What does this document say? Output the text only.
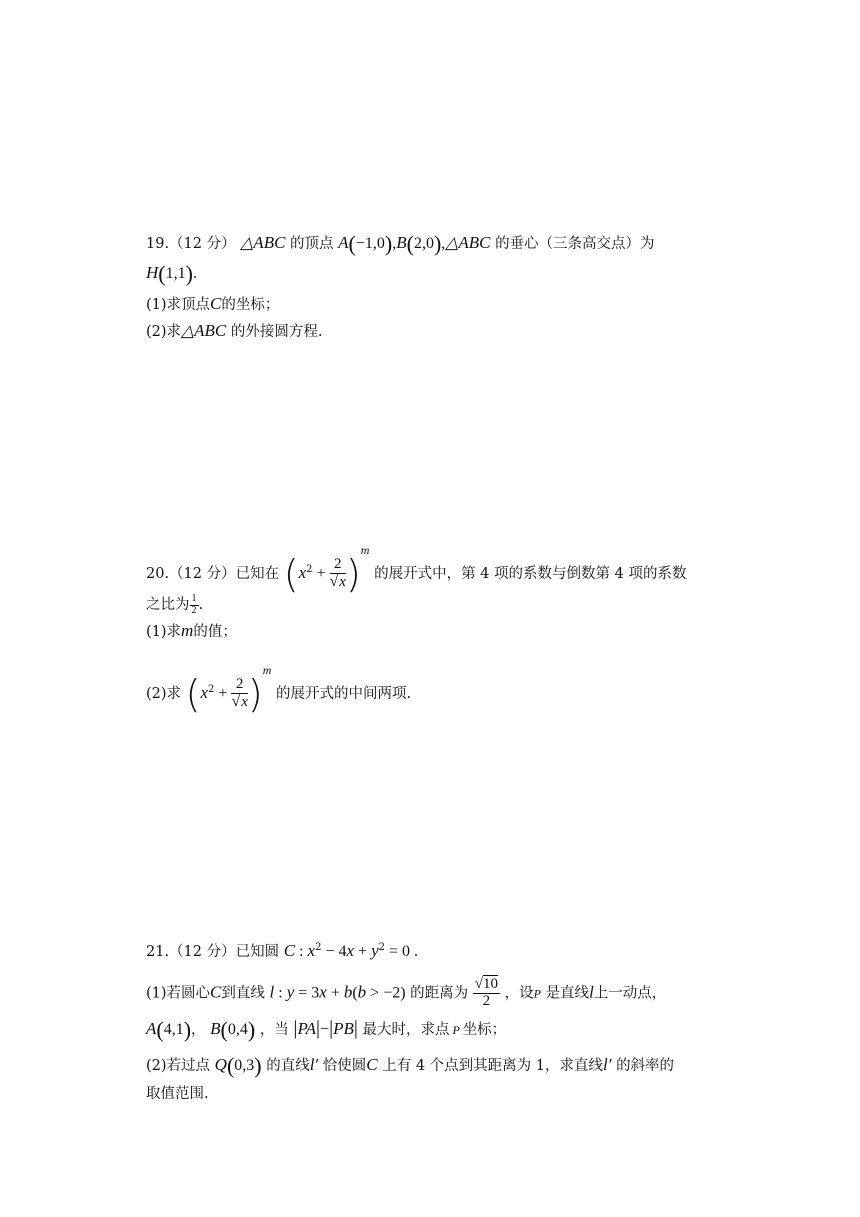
19.（12 分） △ABC 的顶点 A(−1,0),B(2,0),△ABC 的垂心（三条高交点）为
H(1,1).
(1)求顶点C的坐标；
(2)求△ABC 的外接圆方程.
20.（12 分）已知在 $(x^2 + \frac{2}{√x} )^m$ 的展开式中，第 4 项的系数与倒数第 4 项的系数
之比为 $\frac{1}{2}$ .
(1)求m的值；
(2)求 $(x^2 + \frac{2}{√x} )^m$ 的展开式的中间两项.
21.（12 分）已知圆 C : $x^2 - 4x + y^2 = 0$ .
(1)若圆心C到直线 l : y = 3x + b(b > −2) 的距离为 $\frac{√10}{2}$ ，设P 是直线l上一动点，
A(4,1)， B(0,4) ，当 |PA|−|PB| 最大时，求点 P 坐标；
(2)若过点 Q(0,3) 的直线l′ 恰使圆C 上有 4 个点到其距离为 1，求直线l′ 的斜率的
取值范围.
